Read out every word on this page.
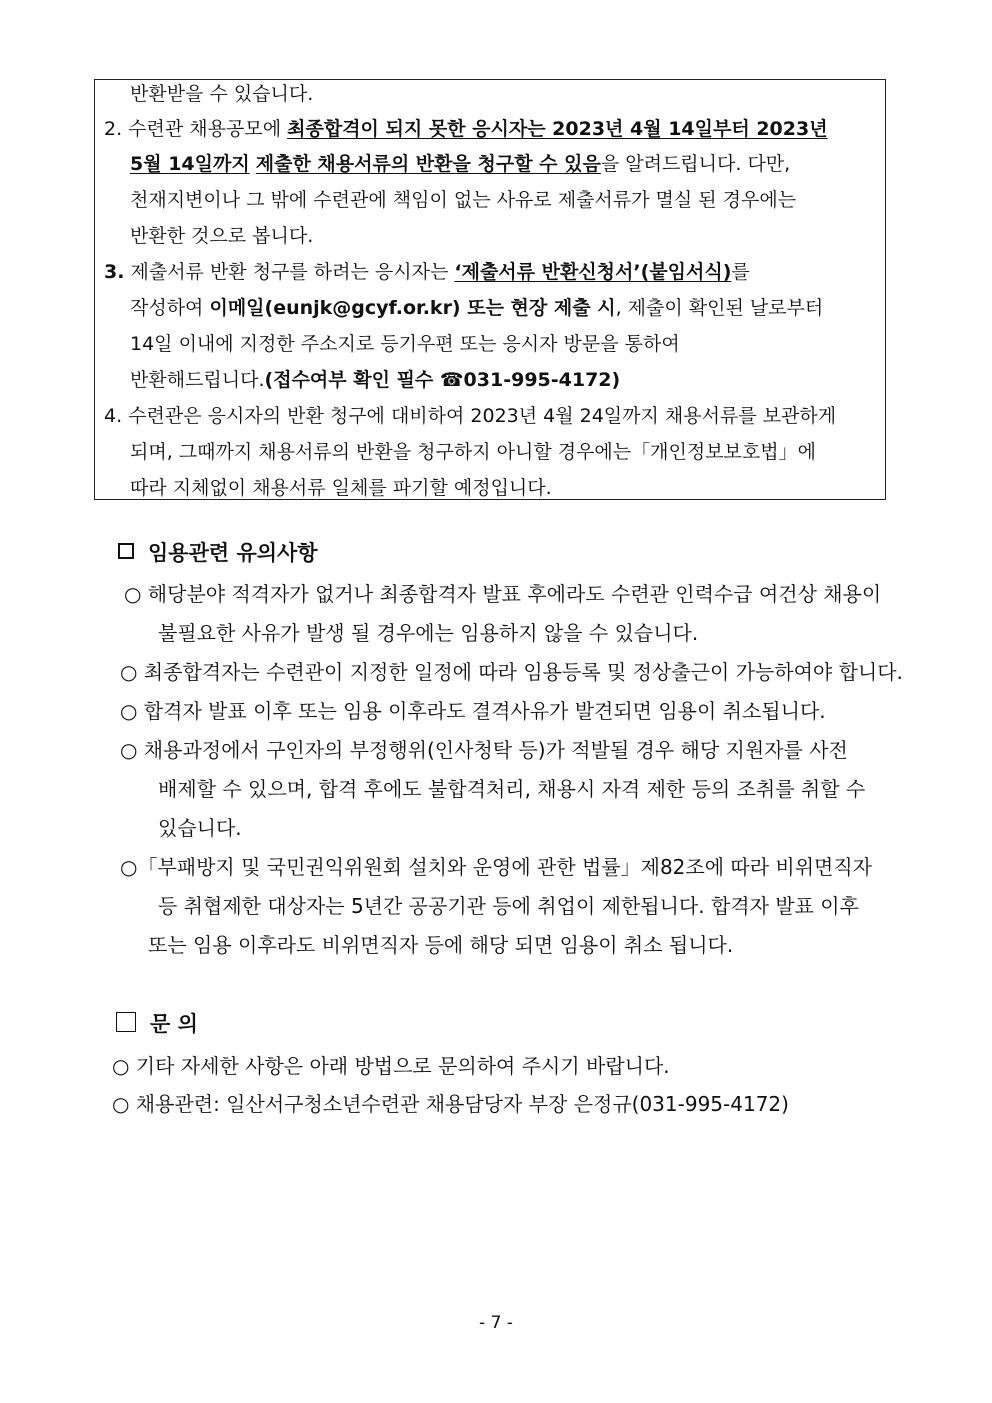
반환받을 수 있습니다.
2. 수련관 채용공모에 최종합격이 되지 못한 응시자는 2023년 4월 14일부터 2023년
5월 14일까지 제출한 채용서류의 반환을 청구할 수 있음을 알려드립니다. 다만,
천재지변이나 그 밖에 수련관에 책임이 없는 사유로 제출서류가 멸실 된 경우에는
반환한 것으로 봅니다.
3. 제출서류 반환 청구를 하려는 응시자는 ‘제출서류 반환신청서’(붙임서식)를
작성하여 이메일(eunjk@gcyf.or.kr) 또는 현장 제출 시, 제출이 확인된 날로부터
14일 이내에 지정한 주소지로 등기우편 또는 응시자 방문을 통하여
반환해드립니다.(접수여부 확인 필수 ☎031-995-4172)
4. 수련관은 응시자의 반환 청구에 대비하여 2023년 4월 24일까지 채용서류를 보관하게
되며, 그때까지 채용서류의 반환을 청구하지 아니할 경우에는「개인정보보호법」에
따라 지체없이 채용서류 일체를 파기할 예정입니다.
임용관련 유의사항
○ 해당분야 적격자가 없거나 최종합격자 발표 후에라도 수련관 인력수급 여건상 채용이
불필요한 사유가 발생 될 경우에는 임용하지 않을 수 있습니다.
○ 최종합격자는 수련관이 지정한 일정에 따라 임용등록 및 정상출근이 가능하여야 합니다.
○ 합격자 발표 이후 또는 임용 이후라도 결격사유가 발견되면 임용이 취소됩니다.
○ 채용과정에서 구인자의 부정행위(인사청탁 등)가 적발될 경우 해당 지원자를 사전
배제할 수 있으며, 합격 후에도 불합격처리, 채용시 자격 제한 등의 조취를 취할 수
있습니다.
○「부패방지 및 국민권익위원회 설치와 운영에 관한 법률」제82조에 따라 비위면직자
등 취협제한 대상자는 5년간 공공기관 등에 취업이 제한됩니다. 합격자 발표 이후
또는 임용 이후라도 비위면직자 등에 해당 되면 임용이 취소 됩니다.
문 의
○ 기타 자세한 사항은 아래 방법으로 문의하여 주시기 바랍니다.
○ 채용관련: 일산서구청소년수련관 채용담당자 부장 은정규(031-995-4172)
- 7 -
